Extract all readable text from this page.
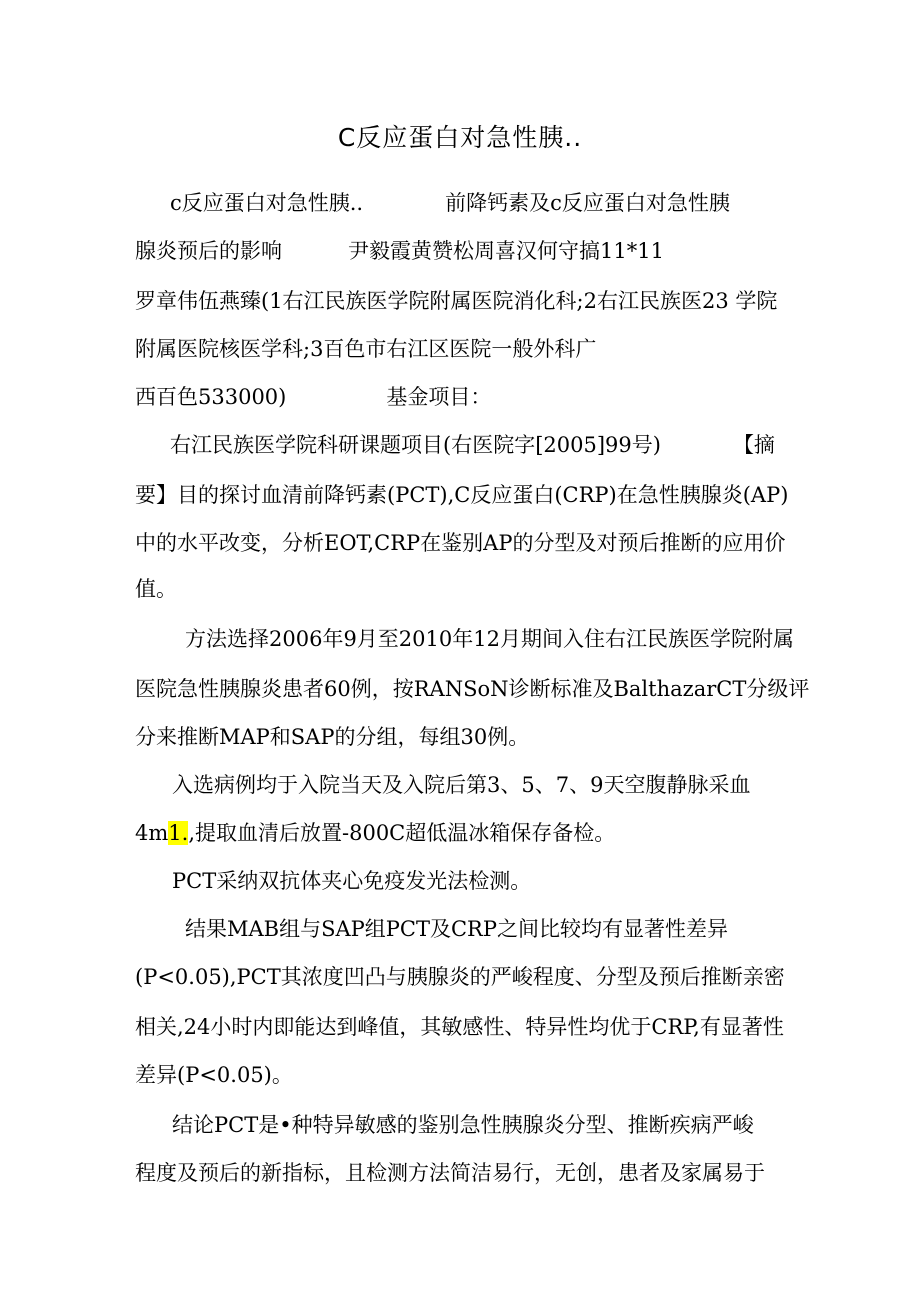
C反应蛋白对急性胰..
c反应蛋白对急性胰..	前降钙素及c反应蛋白对急性胰
腺炎预后的影响	尹毅霞黄赞松周喜汉何守搞11*11
罗章伟伍燕臻(1右江民族医学院附属医院消化科;2右江民族医23 学院
附属医院核医学科;3百色市右江区医院一般外科广
西百色533000)	基金项目：
右江民族医学院科研课题项目(右医院字[2005]99号)	【摘
要】目的探讨血清前降钙素(PCT),C反应蛋白(CRP)在急性胰腺炎(AP)
中的水平改变，分析EOT,CRP在鉴别AP的分型及对预后推断的应用价
值。
方法选择2006年9月至2010年12月期间入住右江民族医学院附属
医院急性胰腺炎患者60例，按RANSoN诊断标准及BalthazarCT分级评
分来推断MAP和SAP的分组，每组30例。
入选病例均于入院当天及入院后第3、5、7、9天空腹静脉采血
4m1.,提取血清后放置-800C超低温冰箱保存备检。
PCT采纳双抗体夹心免疫发光法检测。
结果MAB组与SAP组PCT及CRP之间比较均有显著性差异
(P<0.05),PCT其浓度凹凸与胰腺炎的严峻程度、分型及预后推断亲密
相关,24小时内即能达到峰值，其敏感性、特异性均优于CRP,有显著性
差异(P<0.05)。
结论PCT是•种特异敏感的鉴别急性胰腺炎分型、推断疾病严峻
程度及预后的新指标，且检测方法简洁易行，无创，患者及家属易于
